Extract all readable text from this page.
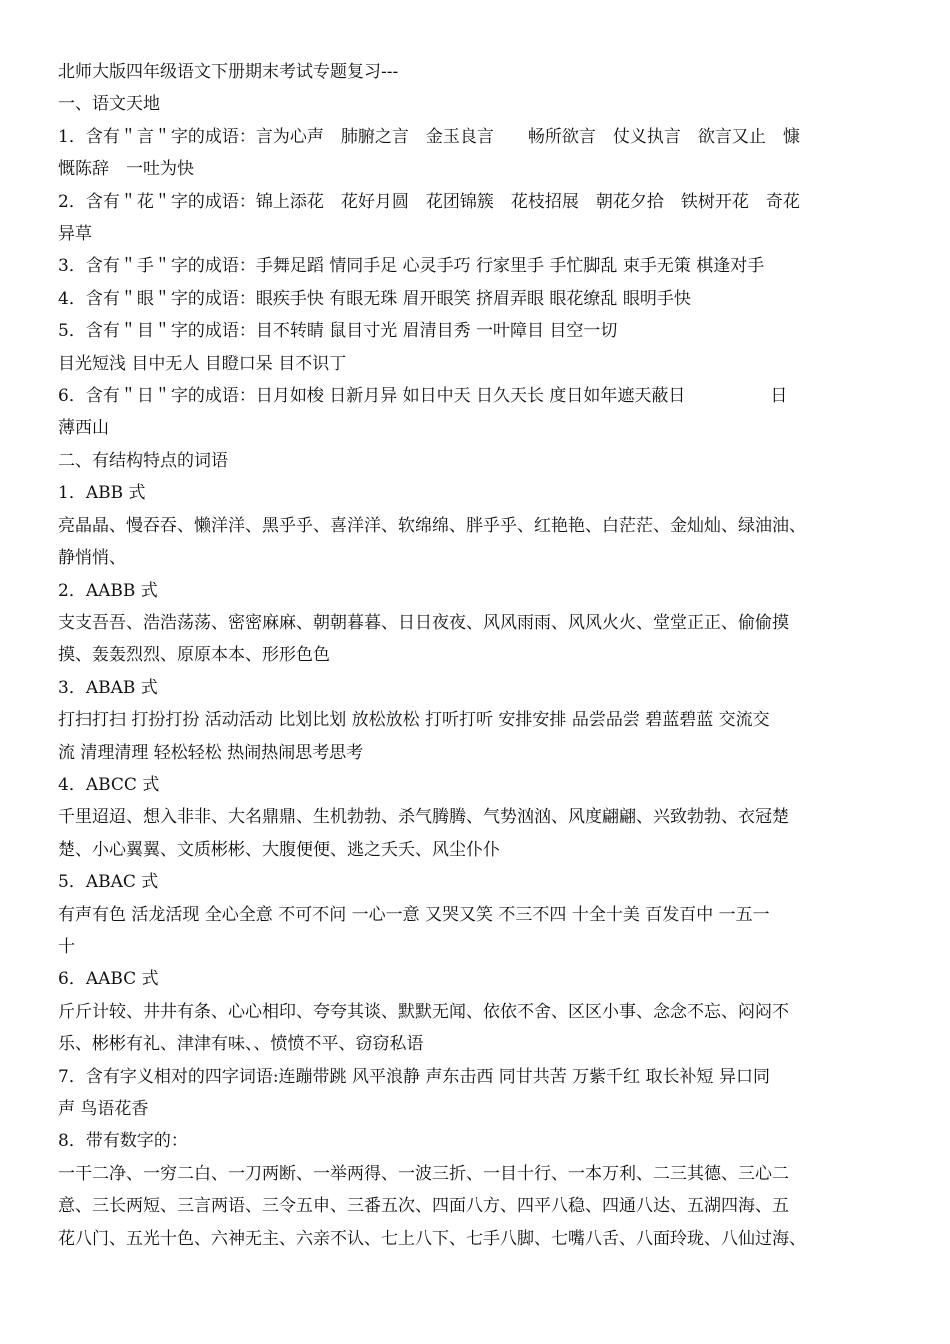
北师大版四年级语文下册期末考试专题复习---
一、语文天地
1．含有＂言＂字的成语：言为心声　肺腑之言　金玉良言　　畅所欲言　仗义执言　欲言又止　慷
慨陈辞　一吐为快
2．含有＂花＂字的成语：锦上添花　花好月圆　花团锦簇　花枝招展　朝花夕拾　铁树开花　奇花
异草
3．含有＂手＂字的成语：手舞足蹈 情同手足 心灵手巧 行家里手 手忙脚乱 束手无策 棋逢对手
4．含有＂眼＂字的成语：眼疾手快 有眼无珠 眉开眼笑 挤眉弄眼 眼花缭乱 眼明手快
5．含有＂目＂字的成语：目不转睛 鼠目寸光 眉清目秀 一叶障目 目空一切
目光短浅 目中无人 目瞪口呆 目不识丁
6．含有＂日＂字的成语：日月如梭 日新月异 如日中天 日久天长 度日如年遮天蔽日　　　　　日
薄西山
二、有结构特点的词语
1．ABB 式
亮晶晶、慢吞吞、懒洋洋、黑乎乎、喜洋洋、软绵绵、胖乎乎、红艳艳、白茫茫、金灿灿、绿油油、
静悄悄、
2．AABB 式
支支吾吾、浩浩荡荡、密密麻麻、朝朝暮暮、日日夜夜、风风雨雨、风风火火、堂堂正正、偷偷摸
摸、轰轰烈烈、原原本本、形形色色
3．ABAB 式
打扫打扫 打扮打扮 活动活动 比划比划 放松放松 打听打听 安排安排 品尝品尝 碧蓝碧蓝 交流交
流 清理清理 轻松轻松 热闹热闹思考思考
4．ABCC 式
千里迢迢、想入非非、大名鼎鼎、生机勃勃、杀气腾腾、气势汹汹、风度翩翩、兴致勃勃、衣冠楚
楚、小心翼翼、文质彬彬、大腹便便、逃之夭夭、风尘仆仆
5．ABAC 式
有声有色 活龙活现 全心全意 不可不问 一心一意 又哭又笑 不三不四 十全十美 百发百中 一五一
十
6．AABC 式
斤斤计较、井井有条、心心相印、夸夸其谈、默默无闻、依依不舍、区区小事、念念不忘、闷闷不
乐、彬彬有礼、津津有味、、愤愤不平、窃窃私语
7．含有字义相对的四字词语:连蹦带跳 风平浪静 声东击西 同甘共苦 万紫千红 取长补短 异口同
声 鸟语花香
8．带有数字的：
一干二净、一穷二白、一刀两断、一举两得、一波三折、一目十行、一本万利、二三其德、三心二
意、三长两短、三言两语、三令五申、三番五次、四面八方、四平八稳、四通八达、五湖四海、五
花八门、五光十色、六神无主、六亲不认、七上八下、七手八脚、七嘴八舌、八面玲珑、八仙过海、
